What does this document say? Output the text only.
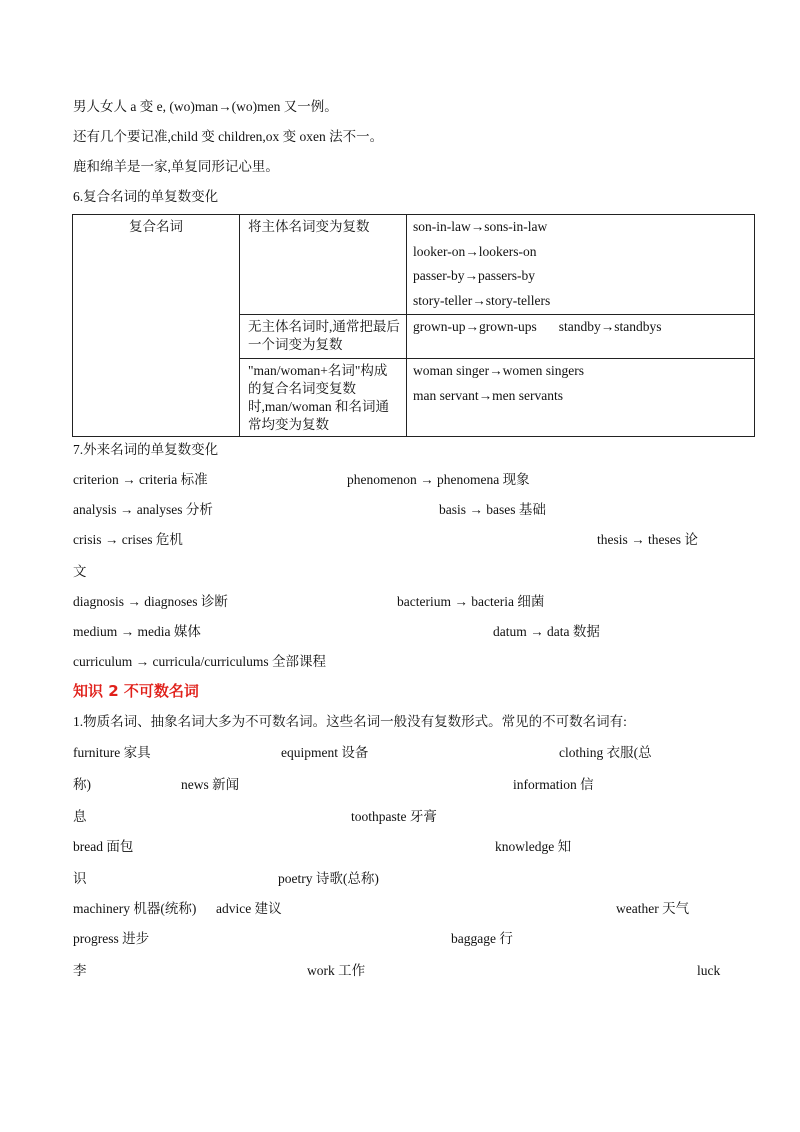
男人女人 a 变 e, (wo)man→(wo)men 又一例。
还有几个要记准,child 变 children,ox 变 oxen 法不一。
鹿和绵羊是一家,单复同形记心里。
6.复合名词的单复数变化
复合名词	将主体名词变为复数	son-in-law→sons-in-law
looker-on→lookers-on
passer-by→passers-by
story-teller→story-tellers

	无主体名词时,通常把最后一个词变为复数	grown-up→grown-ups standby→standbys

	"man/woman+名词"构成的复合名词变复数时,man/woman 和名词通常均变为复数	woman singer→women singers
man servant→men servants
7.外来名词的单复数变化
criterion → criteria 标准	phenomenon → phenomena 现象
analysis → analyses 分析	basis → bases 基础
crisis → crises 危机	thesis → theses 论
文
diagnosis → diagnoses 诊断	bacterium → bacteria 细菌
medium → media 媒体	datum → data 数据
curriculum → curricula/curriculums 全部课程
知识 2 不可数名词
1.物质名词、抽象名词大多为不可数名词。这些名词一般没有复数形式。常见的不可数名词有:
furniture 家具	equipment 设备	clothing 衣服(总
称)	news 新闻	information 信
息	toothpaste 牙膏
bread 面包	knowledge 知
识	poetry 诗歌(总称)
machinery 机器(统称) advice 建议	weather 天气
progress 进步	baggage 行
李	work 工作	luck
